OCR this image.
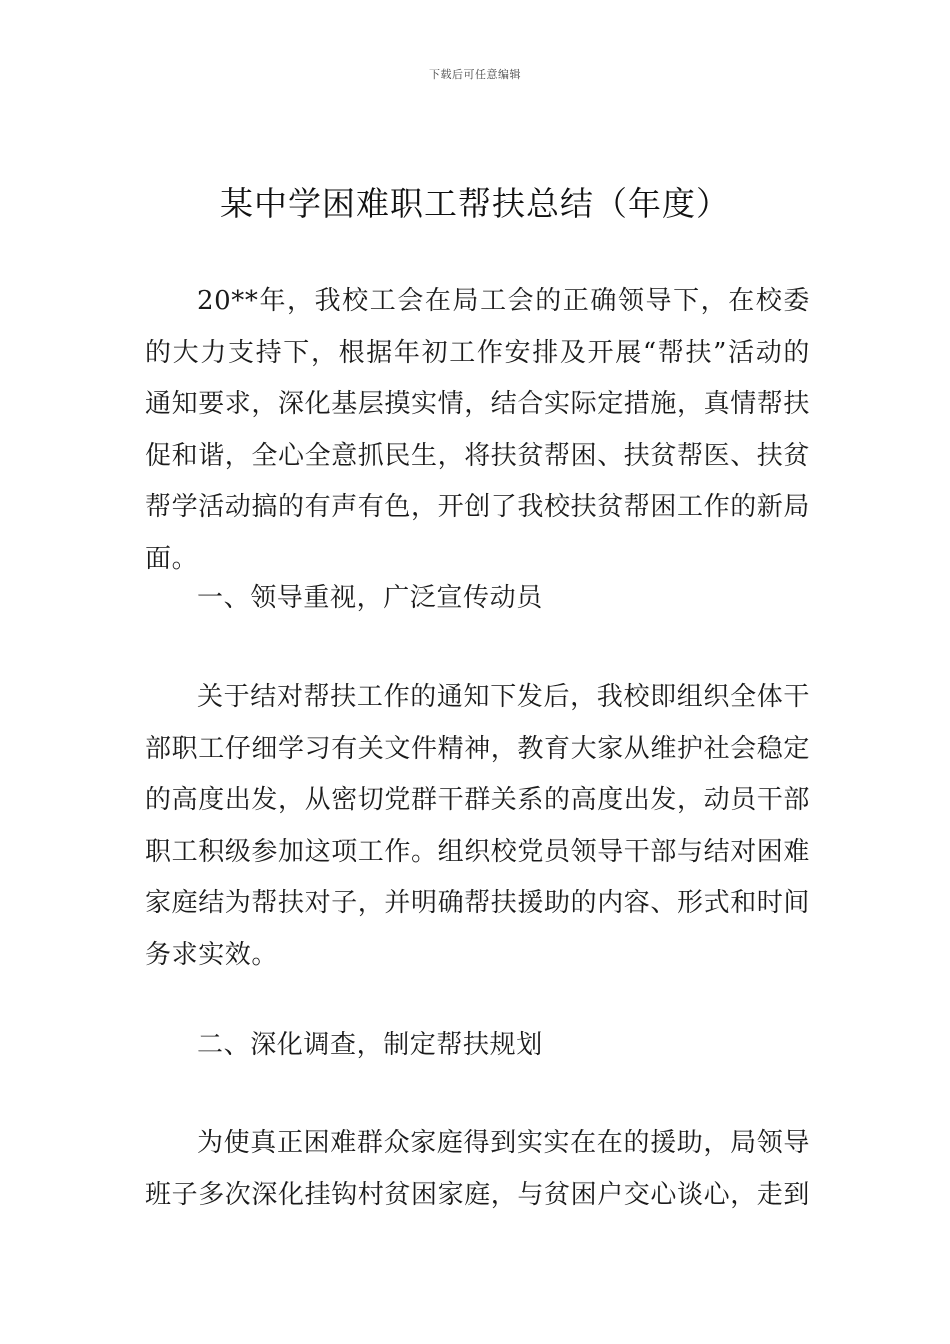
下载后可任意编辑
某中学困难职工帮扶总结（年度）

20**年，我校工会在局工会的正确领导下，在校委的大力支持下，根据年初工作安排及开展“帮扶”活动的通知要求，深化基层摸实情，结合实际定措施，真情帮扶促和谐，全心全意抓民生，将扶贫帮困、扶贫帮医、扶贫帮学活动搞的有声有色，开创了我校扶贫帮困工作的新局面。

一、领导重视，广泛宣传动员

关于结对帮扶工作的通知下发后，我校即组织全体干部职工仔细学习有关文件精神，教育大家从维护社会稳定的高度出发，从密切党群干群关系的高度出发，动员干部职工积级参加这项工作。组织校党员领导干部与结对困难家庭结为帮扶对子，并明确帮扶援助的内容、形式和时间务求实效。

二、深化调查，制定帮扶规划

为使真正困难群众家庭得到实实在在的援助，局领导班子多次深化挂钩村贫困家庭，与贫困户交心谈心，走到
